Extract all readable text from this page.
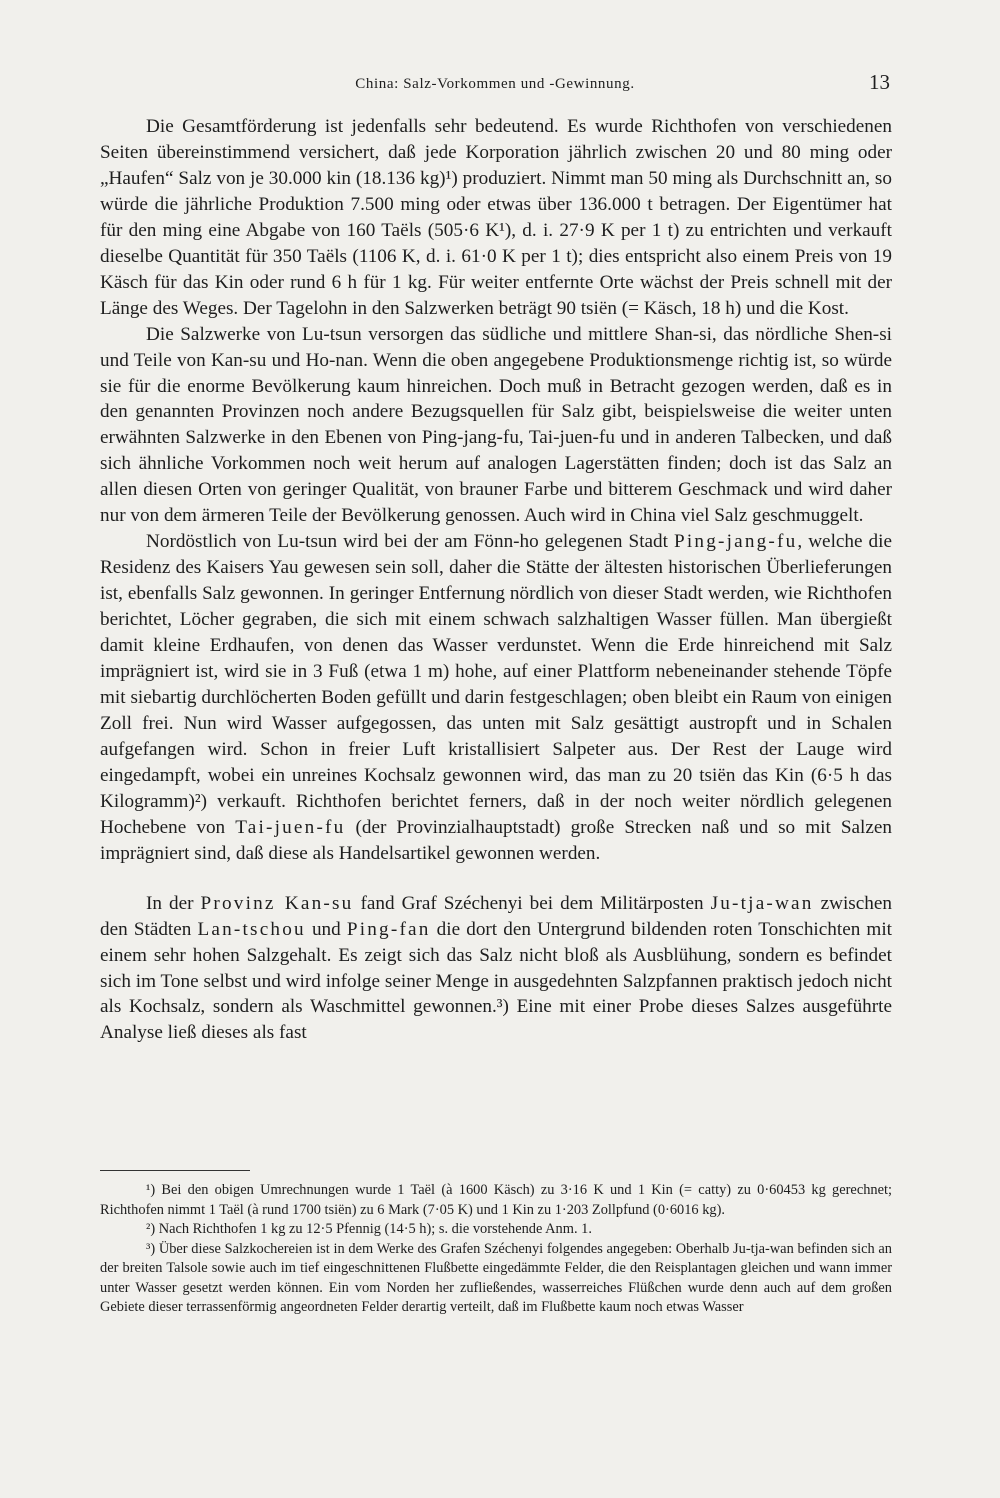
China: Salz-Vorkommen und -Gewinnung.	13

Die Gesamtförderung ist jedenfalls sehr bedeutend. Es wurde Richthofen von verschiedenen Seiten übereinstimmend versichert, daß jede Korporation jährlich zwischen 20 und 80 ming oder „Haufen“ Salz von je 30.000 kin (18.136 kg)¹) produziert. Nimmt man 50 ming als Durchschnitt an, so würde die jährliche Produktion 7.500 ming oder etwas über 136.000 t betragen. Der Eigentümer hat für den ming eine Abgabe von 160 Taëls (505·6 K¹), d. i. 27·9 K per 1 t) zu entrichten und verkauft dieselbe Quantität für 350 Taëls (1106 K, d. i. 61·0 K per 1 t); dies entspricht also einem Preis von 19 Käsch für das Kin oder rund 6 h für 1 kg. Für weiter entfernte Orte wächst der Preis schnell mit der Länge des Weges. Der Tagelohn in den Salzwerken beträgt 90 tsiën (= Käsch, 18 h) und die Kost.

Die Salzwerke von Lu-tsun versorgen das südliche und mittlere Shan-si, das nördliche Shen-si und Teile von Kan-su und Ho-nan. Wenn die oben angegebene Produktionsmenge richtig ist, so würde sie für die enorme Bevölkerung kaum hinreichen. Doch muß in Betracht gezogen werden, daß es in den genannten Provinzen noch andere Bezugsquellen für Salz gibt, beispielsweise die weiter unten erwähnten Salzwerke in den Ebenen von Ping-jang-fu, Tai-juen-fu und in anderen Talbecken, und daß sich ähnliche Vorkommen noch weit herum auf analogen Lagerstätten finden; doch ist das Salz an allen diesen Orten von geringer Qualität, von brauner Farbe und bitterem Geschmack und wird daher nur von dem ärmeren Teile der Bevölkerung genossen. Auch wird in China viel Salz geschmuggelt.

Nordöstlich von Lu-tsun wird bei der am Fönn-ho gelegenen Stadt Ping-jang-fu, welche die Residenz des Kaisers Yau gewesen sein soll, daher die Stätte der ältesten historischen Überlieferungen ist, ebenfalls Salz gewonnen. In geringer Entfernung nördlich von dieser Stadt werden, wie Richthofen berichtet, Löcher gegraben, die sich mit einem schwach salzhaltigen Wasser füllen. Man übergießt damit kleine Erdhaufen, von denen das Wasser verdunstet. Wenn die Erde hinreichend mit Salz imprägniert ist, wird sie in 3 Fuß (etwa 1 m) hohe, auf einer Plattform nebeneinander stehende Töpfe mit siebartig durchlöcherten Boden gefüllt und darin festgeschlagen; oben bleibt ein Raum von einigen Zoll frei. Nun wird Wasser aufgegossen, das unten mit Salz gesättigt austropft und in Schalen aufgefangen wird. Schon in freier Luft kristallisiert Salpeter aus. Der Rest der Lauge wird eingedampft, wobei ein unreines Kochsalz gewonnen wird, das man zu 20 tsiën das Kin (6·5 h das Kilogramm)²) verkauft. Richthofen berichtet ferners, daß in der noch weiter nördlich gelegenen Hochebene von Tai-juen-fu (der Provinzialhauptstadt) große Strecken naß und so mit Salzen imprägniert sind, daß diese als Handelsartikel gewonnen werden.

In der Provinz Kan-su fand Graf Széchenyi bei dem Militärposten Ju-tja-wan zwischen den Städten Lan-tschou und Ping-fan die dort den Untergrund bildenden roten Tonschichten mit einem sehr hohen Salzgehalt. Es zeigt sich das Salz nicht bloß als Ausblühung, sondern es befindet sich im Tone selbst und wird infolge seiner Menge in ausgedehnten Salzpfannen praktisch jedoch nicht als Kochsalz, sondern als Waschmittel gewonnen.³) Eine mit einer Probe dieses Salzes ausgeführte Analyse ließ dieses als fast

¹) Bei den obigen Umrechnungen wurde 1 Taël (à 1600 Käsch) zu 3·16 K und 1 Kin (= catty) zu 0·60453 kg gerechnet; Richthofen nimmt 1 Taël (à rund 1700 tsiën) zu 6 Mark (7·05 K) und 1 Kin zu 1·203 Zollpfund (0·6016 kg).

²) Nach Richthofen 1 kg zu 12·5 Pfennig (14·5 h); s. die vorstehende Anm. 1.

³) Über diese Salzkochereien ist in dem Werke des Grafen Széchenyi folgendes angegeben: Oberhalb Ju-tja-wan befinden sich an der breiten Talsole sowie auch im tief eingeschnittenen Flußbette eingedämmte Felder, die den Reisplantagen gleichen und wann immer unter Wasser gesetzt werden können. Ein vom Norden her zufließendes, wasserreiches Flüßchen wurde denn auch auf dem großen Gebiete dieser terrassenförmig angeordneten Felder derartig verteilt, daß im Flußbette kaum noch etwas Wasser
